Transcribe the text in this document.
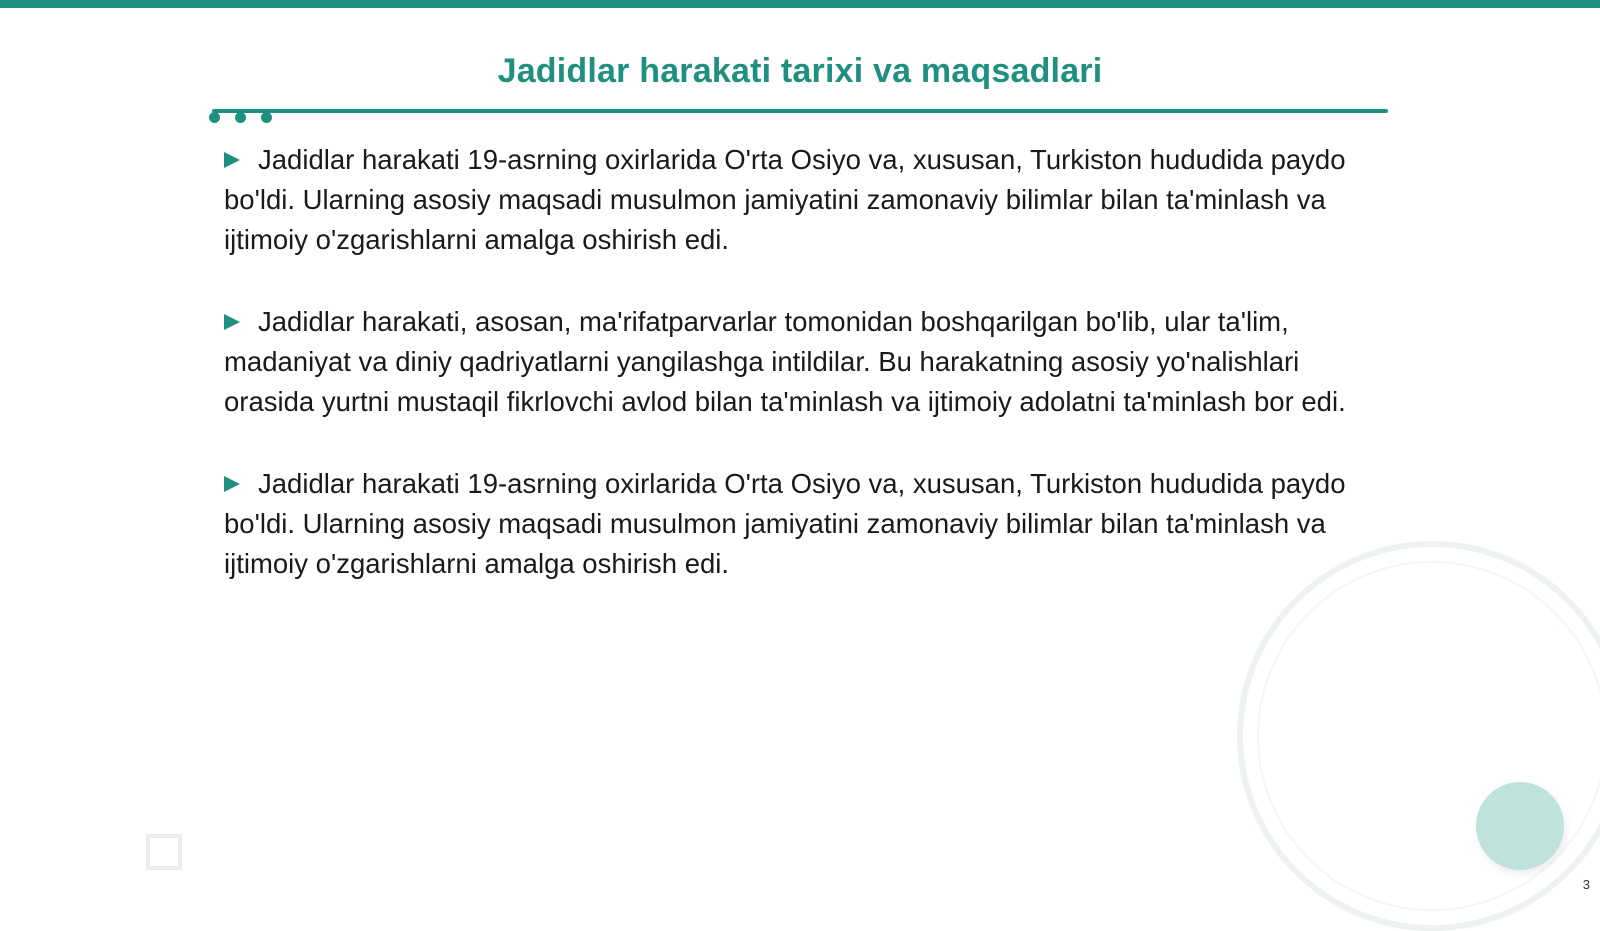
Jadidlar harakati tarixi va maqsadlari

Jadidlar harakati 19-asrning oxirlarida O'rta Osiyo va, xususan, Turkiston hududida paydo bo'ldi. Ularning asosiy maqsadi musulmon jamiyatini zamonaviy bilimlar bilan ta'minlash va ijtimoiy o'zgarishlarni amalga oshirish edi.

Jadidlar harakati, asosan, ma'rifatparvarlar tomonidan boshqarilgan bo'lib, ular ta'lim, madaniyat va diniy qadriyatlarni yangilashga intildilar. Bu harakatning asosiy yo'nalishlari orasida yurtni mustaqil fikrlovchi avlod bilan ta'minlash va ijtimoiy adolatni ta'minlash bor edi.

Jadidlar harakati 19-asrning oxirlarida O'rta Osiyo va, xususan, Turkiston hududida paydo bo'ldi. Ularning asosiy maqsadi musulmon jamiyatini zamonaviy bilimlar bilan ta'minlash va ijtimoiy o'zgarishlarni amalga oshirish edi.

3
